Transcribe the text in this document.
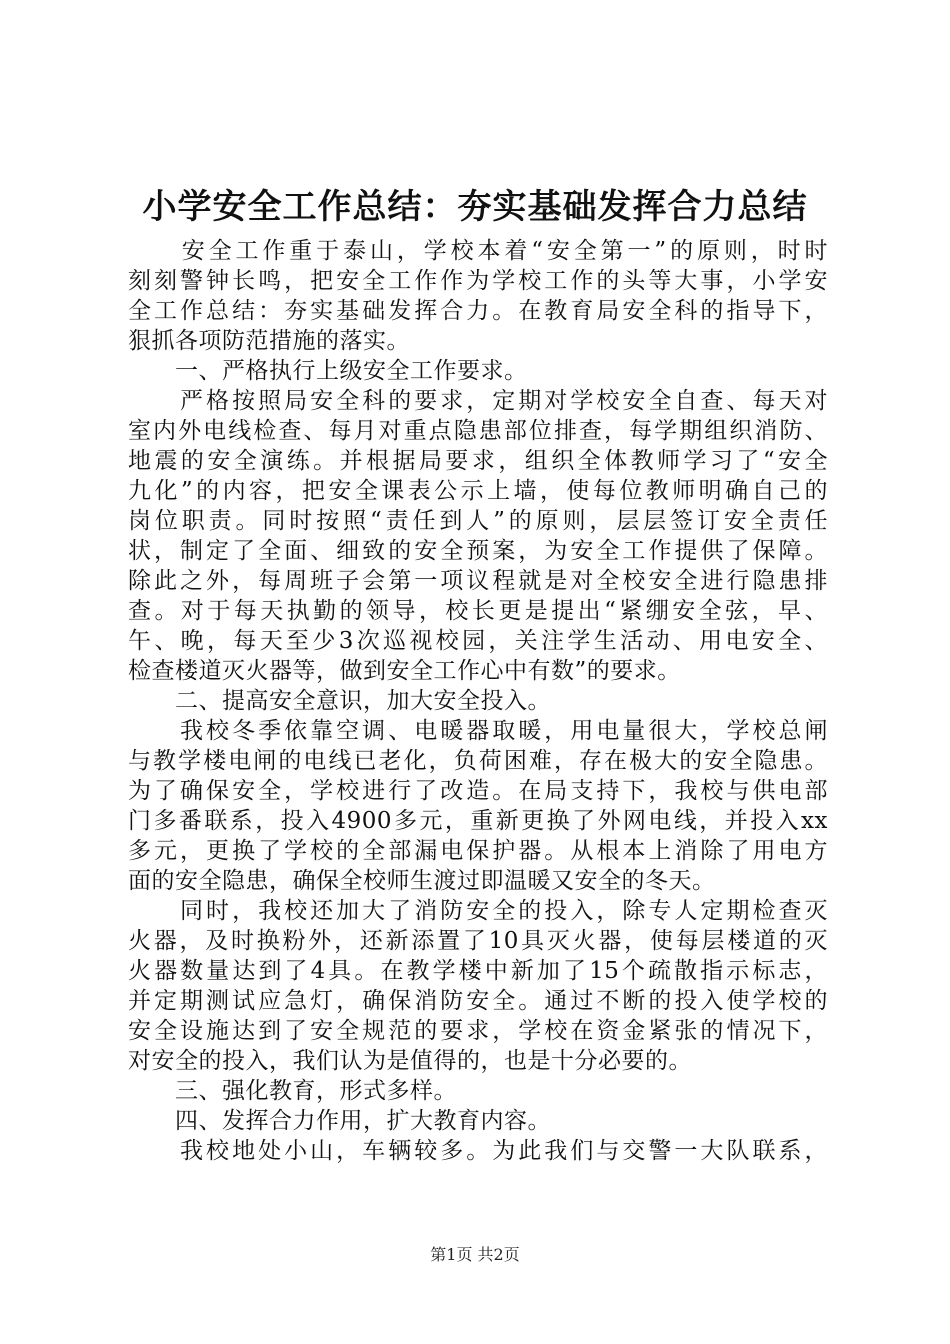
小学安全工作总结：夯实基础发挥合力总结
　　安全工作重于泰山，学校本着“安全第一”的原则，时时
刻刻警钟长鸣，把安全工作作为学校工作的头等大事，小学安
全工作总结：夯实基础发挥合力。在教育局安全科的指导下，
狠抓各项防范措施的落实。
　　一、严格执行上级安全工作要求。
　　严格按照局安全科的要求，定期对学校安全自查、每天对
室内外电线检查、每月对重点隐患部位排查，每学期组织消防、
地震的安全演练。并根据局要求，组织全体教师学习了“安全
九化”的内容，把安全课表公示上墙，使每位教师明确自己的
岗位职责。同时按照“责任到人”的原则，层层签订安全责任
状，制定了全面、细致的安全预案，为安全工作提供了保障。
除此之外，每周班子会第一项议程就是对全校安全进行隐患排
查。对于每天执勤的领导，校长更是提出“紧绷安全弦，早、
午、晚，每天至少3次巡视校园，关注学生活动、用电安全、
检查楼道灭火器等，做到安全工作心中有数”的要求。
　　二、提高安全意识，加大安全投入。
　　我校冬季依靠空调、电暖器取暖，用电量很大，学校总闸
与教学楼电闸的电线已老化，负荷困难，存在极大的安全隐患。
为了确保安全，学校进行了改造。在局支持下，我校与供电部
门多番联系，投入4900多元，重新更换了外网电线，并投入xx
多元，更换了学校的全部漏电保护器。从根本上消除了用电方
面的安全隐患，确保全校师生渡过即温暖又安全的冬天。
　　同时，我校还加大了消防安全的投入，除专人定期检查灭
火器，及时换粉外，还新添置了10具灭火器，使每层楼道的灭
火器数量达到了4具。在教学楼中新加了15个疏散指示标志，
并定期测试应急灯，确保消防安全。通过不断的投入使学校的
安全设施达到了安全规范的要求，学校在资金紧张的情况下，
对安全的投入，我们认为是值得的，也是十分必要的。
　　三、强化教育，形式多样。
　　四、发挥合力作用，扩大教育内容。
　　我校地处小山，车辆较多。为此我们与交警一大队联系，
第1页 共2页
